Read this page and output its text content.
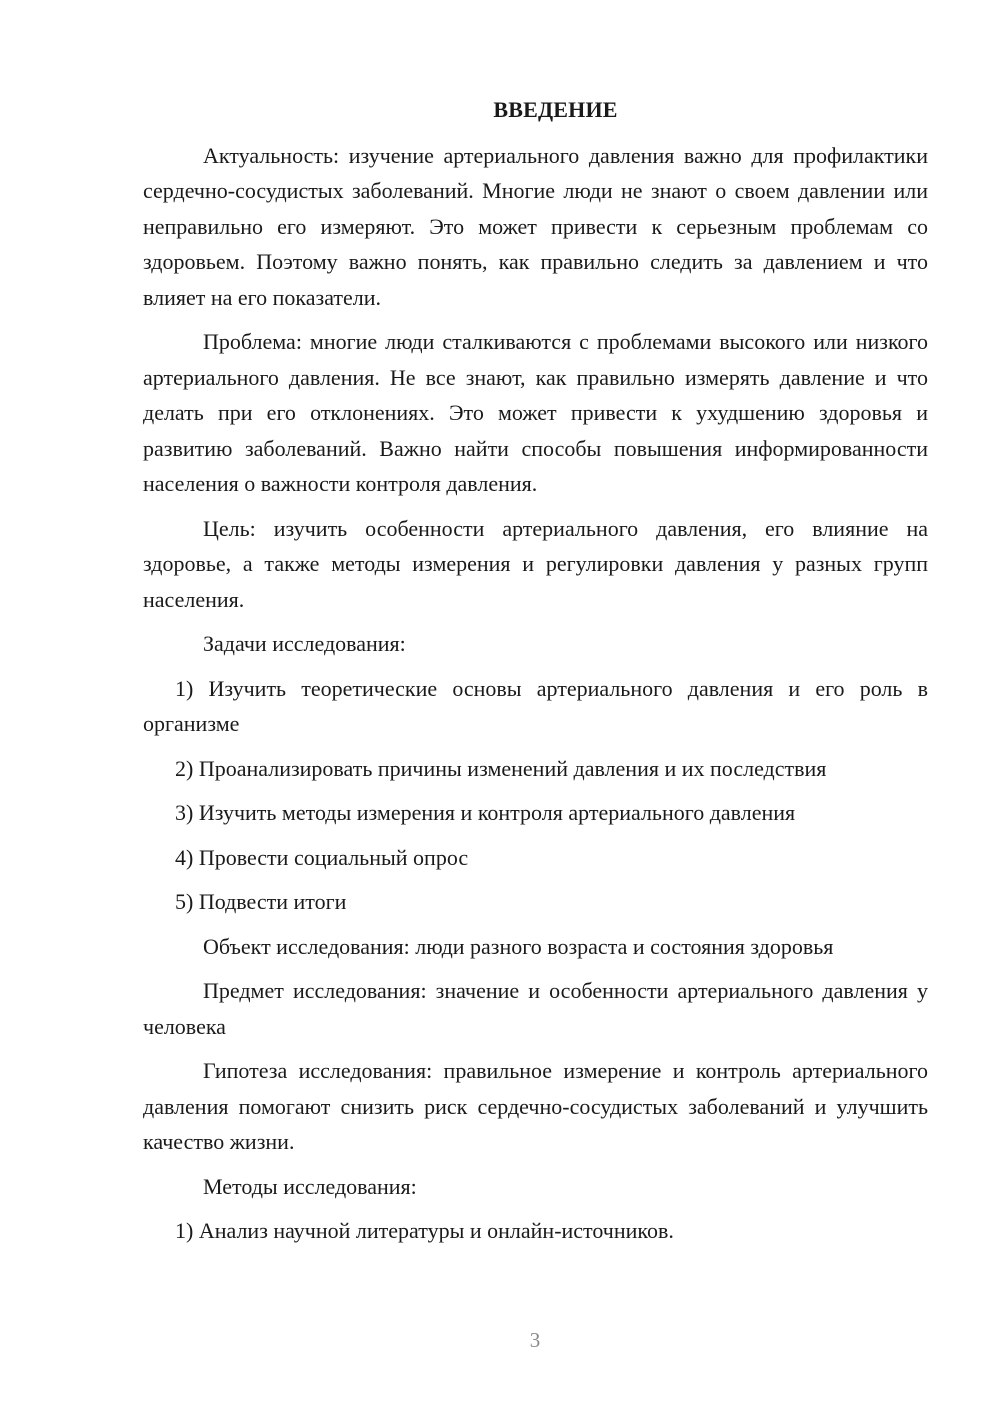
ВВЕДЕНИЕ

Актуальность: изучение артериального давления важно для профилактики сердечно-сосудистых заболеваний. Многие люди не знают о своем давлении или неправильно его измеряют. Это может привести к серьезным проблемам со здоровьем. Поэтому важно понять, как правильно следить за давлением и что влияет на его показатели.

Проблема: многие люди сталкиваются с проблемами высокого или низкого артериального давления. Не все знают, как правильно измерять давление и что делать при его отклонениях. Это может привести к ухудшению здоровья и развитию заболеваний. Важно найти способы повышения информированности населения о важности контроля давления.

Цель: изучить особенности артериального давления, его влияние на здоровье, а также методы измерения и регулировки давления у разных групп населения.

Задачи исследования:

1) Изучить теоретические основы артериального давления и его роль в организме

2) Проанализировать причины изменений давления и их последствия

3) Изучить методы измерения и контроля артериального давления

4) Провести социальный опрос

5) Подвести итоги

Объект исследования: люди разного возраста и состояния здоровья

Предмет исследования: значение и особенности артериального давления у человека

Гипотеза исследования: правильное измерение и контроль артериального давления помогают снизить риск сердечно-сосудистых заболеваний и улучшить качество жизни.

Методы исследования:

1) Анализ научной литературы и онлайн-источников.

3
